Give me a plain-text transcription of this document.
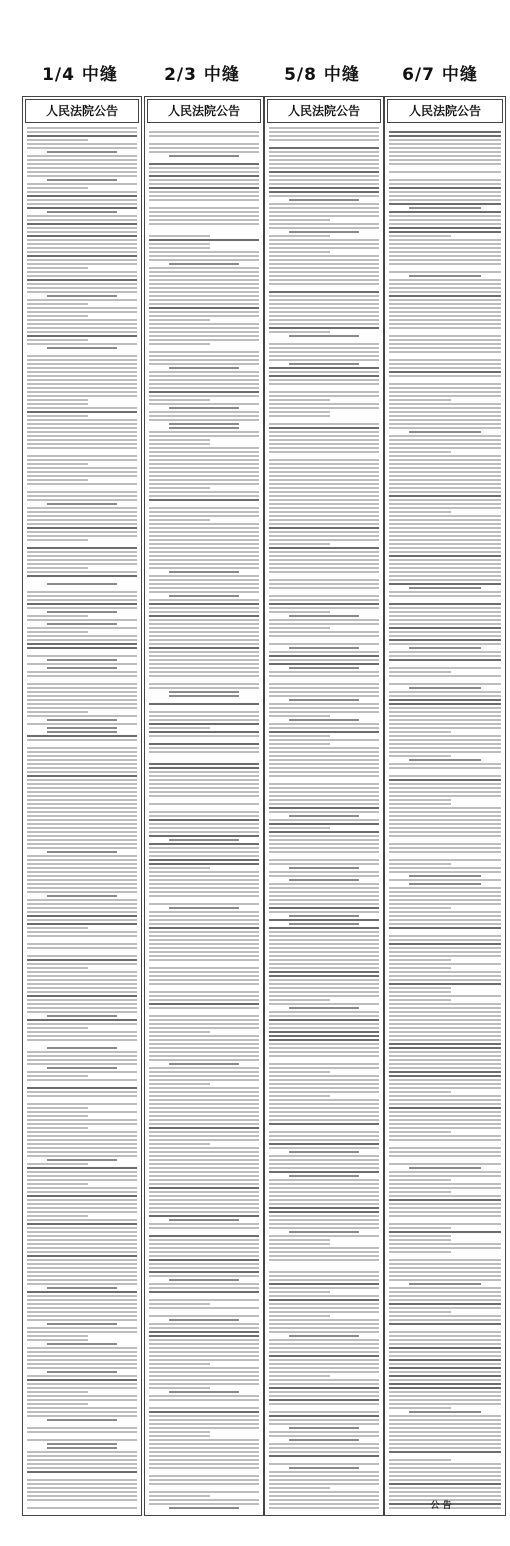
1/4 中缝	2/3 中缝	5/8 中缝	6/7 中缝
人民法院公告	人民法院公告	人民法院公告	人民法院公告
公 告
